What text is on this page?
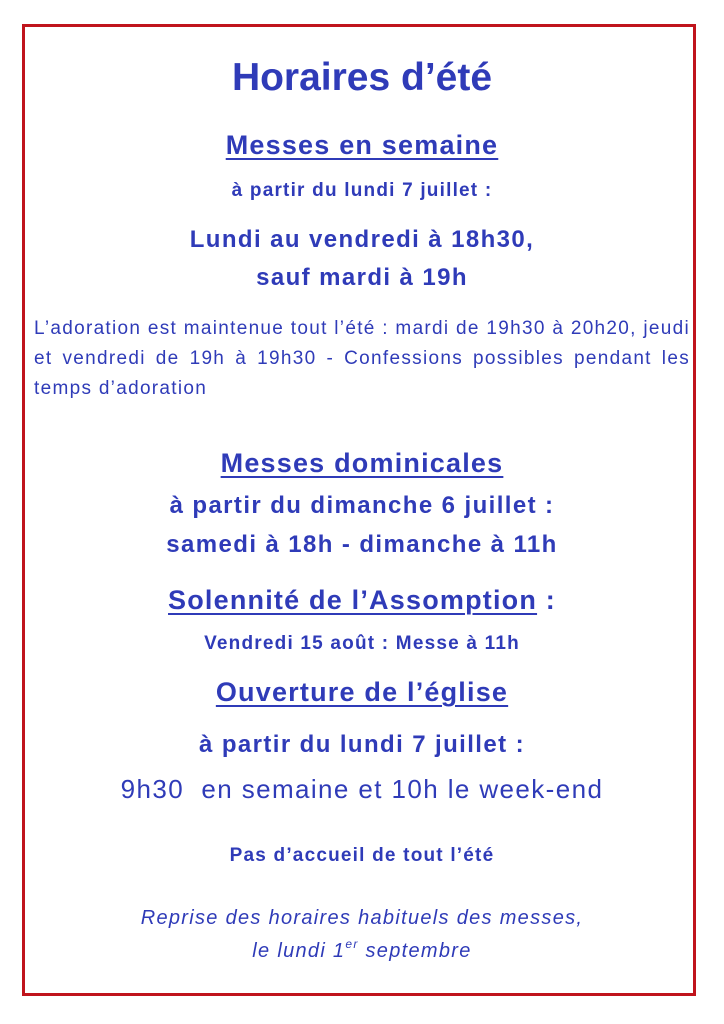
Horaires d’été
Messes en semaine
à partir du lundi 7 juillet :
Lundi au vendredi à 18h30,
sauf mardi à 19h
L’adoration est maintenue tout l’été : mardi de 19h30 à 20h20, jeudi et vendredi de 19h à 19h30 - Confessions possibles pendant les temps d’adoration
Messes dominicales
à partir du dimanche 6 juillet :
samedi à 18h - dimanche à 11h
Solennité de l’Assomption :
Vendredi 15 août : Messe à 11h
Ouverture de l’église
à partir du lundi 7 juillet :
9h30  en semaine et 10h le week-end
Pas d’accueil de tout l’été
Reprise des horaires habituels des messes,
le lundi 1er septembre
